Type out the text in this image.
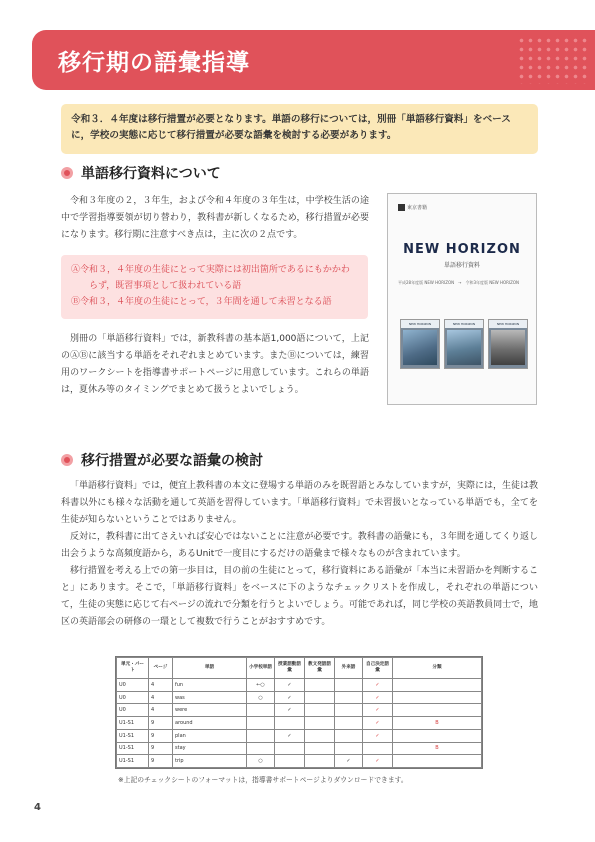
移行期の語彙指導
令和３．４年度は移行措置が必要となります。単語の移行については，別冊「単語移行資料」をベースに，学校の実態に応じて移行措置が必要な語彙を検討する必要があります。
単語移行資料について

令和３年度の２，３年生，および令和４年度の３年生は，中学校生活の途中で学習指導要領が切り替わり，教科書が新しくなるため，移行措置が必要になります。移行期に注意すべき点は，主に次の２点です。

Ⓐ令和３，４年度の生徒にとって実際には初出箇所であるにもかかわらず，既習事項として扱われている語

Ⓑ令和３，４年度の生徒にとって，３年間を通して未習となる語

別冊の「単語移行資料」では，新教科書の基本語1,000語について，上記のⒶⒷに該当する単語をそれぞれまとめています。またⒷについては，練習用のワークシートを指導書サポートページに用意しています。これらの単語は，夏休み等のタイミングでまとめて扱うとよいでしょう。

東京書籍
NEW HORIZON
単語移行資料
平成28年度版 NEW HORIZON　→　令和3年度版 NEW HORIZON
NEW HORIZON	NEW HORIZON	NEW HORIZON
移行措置が必要な語彙の検討

「単語移行資料」では，便宜上教科書の本文に登場する単語のみを既習語とみなしていますが，実際には，生徒は教科書以外にも様々な活動を通して英語を習得しています。「単語移行資料」で未習扱いとなっている単語でも，全てを生徒が知らないということではありません。

反対に，教科書に出てさえいれば安心ではないことに注意が必要です。教科書の語彙にも，３年間を通してくり返し出会うような高頻度語から，あるUnitで一度目にするだけの語彙まで様々なものが含まれています。

移行措置を考える上での第一歩目は，目の前の生徒にとって，移行資料にある語彙が「本当に未習語かを判断すること」にあります。そこで，「単語移行資料」をベースに下のようなチェックリストを作成し，それぞれの単語について，生徒の実態に応じて右ページの流れで分類を行うとよいでしょう。可能であれば，同じ学校の英語教員同士で，地区の英語部会の研修の一環として複数で行うことがおすすめです。

単元・パート	ページ	単語	小学校単語	授業語動語彙	教文発語語彙	外来語	自己決定語彙	分類
U0	4	fun	←○	✓			✓	
U0	4	was	○	✓			✓	
U0	4	were		✓			✓	
U1-S1	9	around					✓	B
U1-S1	9	plan		✓			✓	
U1-S1	9	stay						B
U1-S1	9	trip	○			✓	✓	
※上記のチェックシートのフォーマットは，指導書サポートページよりダウンロードできます。
4
